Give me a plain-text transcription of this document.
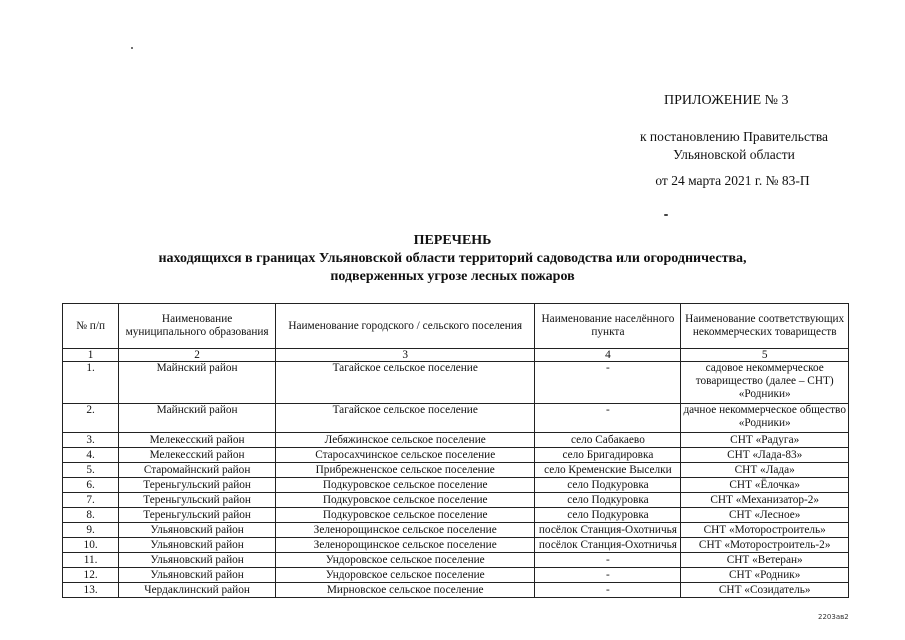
ПРИЛОЖЕНИЕ № 3
к постановлению Правительства
Ульяновской области
от 24 марта 2021 г. № 83-П
ПЕРЕЧЕНЬ
находящихся в границах Ульяновской области территорий садоводства или огородничества,
подверженных угрозе лесных пожаров
№ п/п	Наименование муниципального образования	Наименование городского / сельского поселения	Наименование населённого пункта	Наименование соответствующих некоммерческих товариществ
1	2	3	4	5
1.	Майнский район	Тагайское сельское поселение	-	садовое некоммерческое товарищество (далее – СНТ) «Родники»
2.	Майнский район	Тагайское сельское поселение	-	дачное некоммерческое общество «Родники»
3.	Мелекесский район	Лебяжинское сельское поселение	село Сабакаево	СНТ «Радуга»
4.	Мелекесский район	Старосахчинское сельское поселение	село Бригадировка	СНТ «Лада-83»
5.	Старомайнский район	Прибрежненское сельское поселение	село Кременские Выселки	СНТ «Лада»
6.	Тереньгульский район	Подкуровское сельское поселение	село Подкуровка	СНТ «Ёлочка»
7.	Тереньгульский район	Подкуровское сельское поселение	село Подкуровка	СНТ «Механизатор-2»
8.	Тереньгульский район	Подкуровское сельское поселение	село Подкуровка	СНТ «Лесное»
9.	Ульяновский район	Зеленорощинское сельское поселение	посёлок Станция-Охотничья	СНТ «Моторостроитель»
10.	Ульяновский район	Зеленорощинское сельское поселение	посёлок Станция-Охотничья	СНТ «Моторостроитель-2»
11.	Ульяновский район	Ундоровское сельское поселение	-	СНТ «Ветеран»
12.	Ульяновский район	Ундоровское сельское поселение	-	СНТ «Родник»
13.	Чердаклинский район	Мирновское сельское поселение	-	СНТ «Созидатель»
2203ав2
